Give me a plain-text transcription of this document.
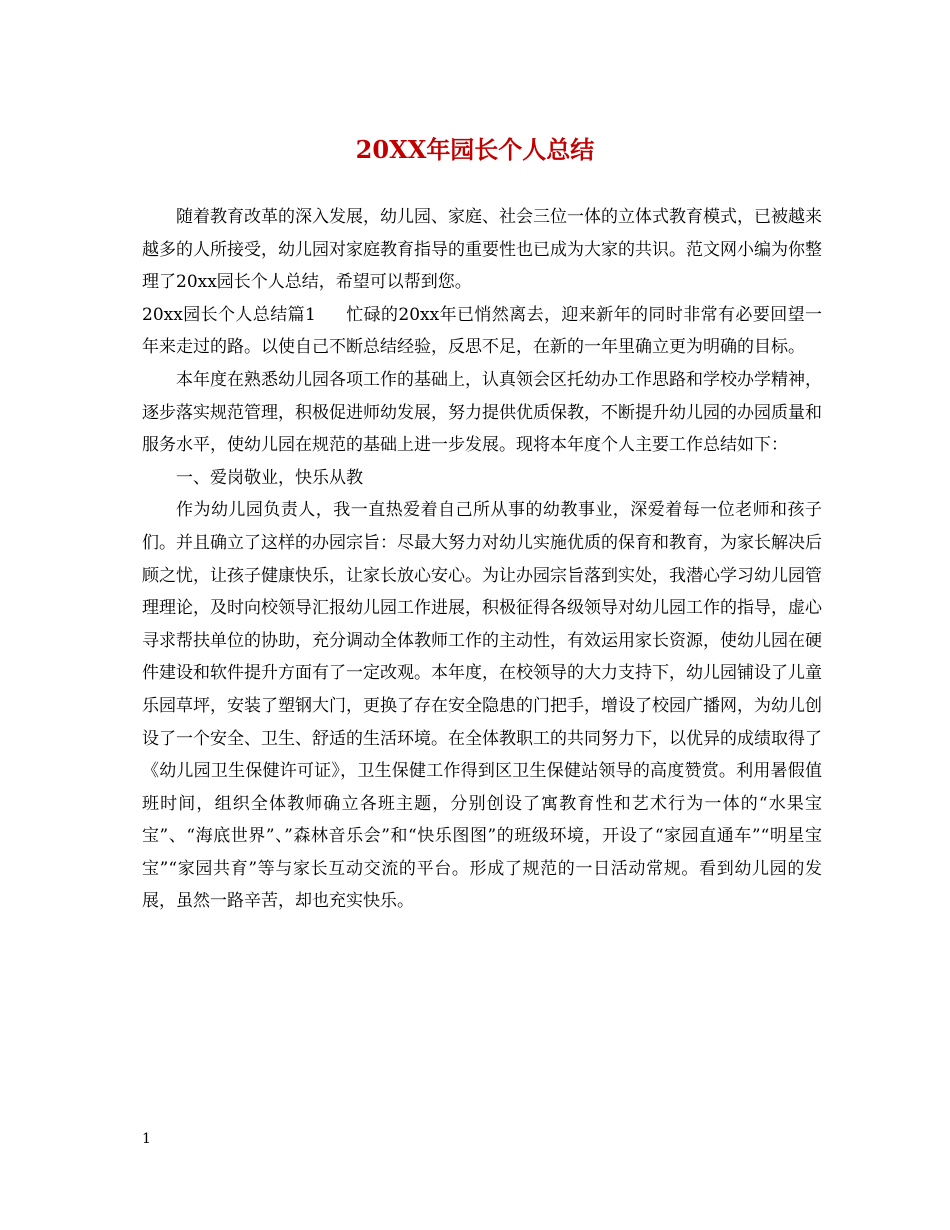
20XX年园长个人总结

随着教育改革的深入发展，幼儿园、家庭、社会三位一体的立体式教育模式，已被越来越多的人所接受，幼儿园对家庭教育指导的重要性也已成为大家的共识。范文网小编为你整理了20xx园长个人总结，希望可以帮到您。

20xx园长个人总结篇1 忙碌的20xx年已悄然离去，迎来新年的同时非常有必要回望一年来走过的路。以使自己不断总结经验，反思不足，在新的一年里确立更为明确的目标。

本年度在熟悉幼儿园各项工作的基础上，认真领会区托幼办工作思路和学校办学精神，逐步落实规范管理，积极促进师幼发展，努力提供优质保教，不断提升幼儿园的办园质量和服务水平，使幼儿园在规范的基础上进一步发展。现将本年度个人主要工作总结如下：

一、爱岗敬业，快乐从教

作为幼儿园负责人，我一直热爱着自己所从事的幼教事业，深爱着每一位老师和孩子们。并且确立了这样的办园宗旨：尽最大努力对幼儿实施优质的保育和教育，为家长解决后顾之忧，让孩子健康快乐，让家长放心安心。为让办园宗旨落到实处，我潜心学习幼儿园管理理论，及时向校领导汇报幼儿园工作进展，积极征得各级领导对幼儿园工作的指导，虚心寻求帮扶单位的协助，充分调动全体教师工作的主动性，有效运用家长资源，使幼儿园在硬件建设和软件提升方面有了一定改观。本年度，在校领导的大力支持下，幼儿园铺设了儿童乐园草坪，安装了塑钢大门，更换了存在安全隐患的门把手，增设了校园广播网，为幼儿创设了一个安全、卫生、舒适的生活环境。在全体教职工的共同努力下，以优异的成绩取得了《幼儿园卫生保健许可证》，卫生保健工作得到区卫生保健站领导的高度赞赏。利用暑假值班时间，组织全体教师确立各班主题，分别创设了寓教育性和艺术行为一体的“水果宝宝”、“海底世界”、”森林音乐会”和“快乐图图”的班级环境，开设了“家园直通车”“明星宝宝”“家园共育”等与家长互动交流的平台。形成了规范的一日活动常规。看到幼儿园的发展，虽然一路辛苦，却也充实快乐。

1
